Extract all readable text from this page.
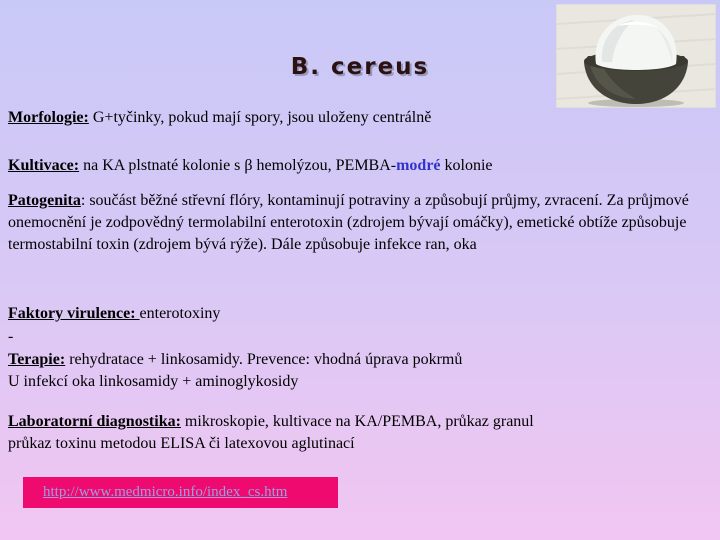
B. cereus
Morfologie: G+tyčinky, pokud mají spory, jsou uloženy centrálně
Kultivace: na KA plstnaté kolonie s β hemolýzou, PEMBA-modré kolonie
Patogenita: součást běžné střevní flóry, kontaminují potraviny a způsobují průjmy, zvracení. Za průjmové onemocnění je zodpovědný termolabilní enterotoxin (zdrojem bývají omáčky), emetické obtíže způsobuje termostabilní toxin (zdrojem bývá rýže). Dále způsobuje infekce ran, oka
Faktory virulence: enterotoxiny
-
Terapie: rehydratace + linkosamidy. Prevence: vhodná úprava pokrmů
U infekcí oka linkosamidy + aminoglykosidy
Laboratorní diagnostika: mikroskopie, kultivace na KA/PEMBA, průkaz granul
průkaz toxinu metodou ELISA či latexovou aglutinací
http://www.medmicro.info/index_cs.htm
